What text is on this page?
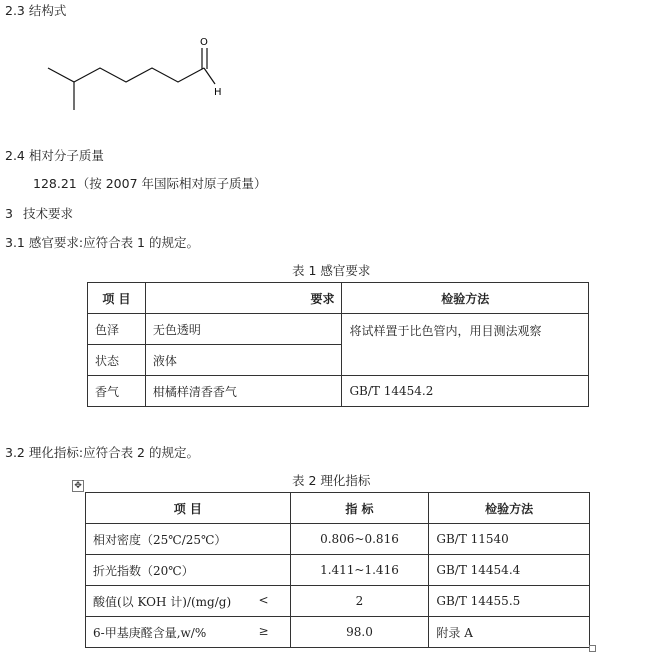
2.3 结构式
O
H
2.4 相对分子质量
128.21（按 2007 年国际相对原子质量）
3 技术要求
3.1 感官要求:应符合表 1 的规定。
表 1 感官要求
项 目	要求	检验方法
色泽	无色透明	将试样置于比色管内，用目测法观察
状态	液体	
香气	柑橘样清香香气	GB/T 14454.2
3.2 理化指标:应符合表 2 的规定。
表 2 理化指标
✥
项 目	指 标	检验方法

相对密度（25℃/25℃）	0.806~0.816	GB/T 11540

折光指数（20℃）	1.411~1.416	GB/T 14454.4

酸值(以 KOH 计)/(mg/g) <	2	GB/T 14455.5

6-甲基庚醛含量,w/% ≥	98.0	附录 A
